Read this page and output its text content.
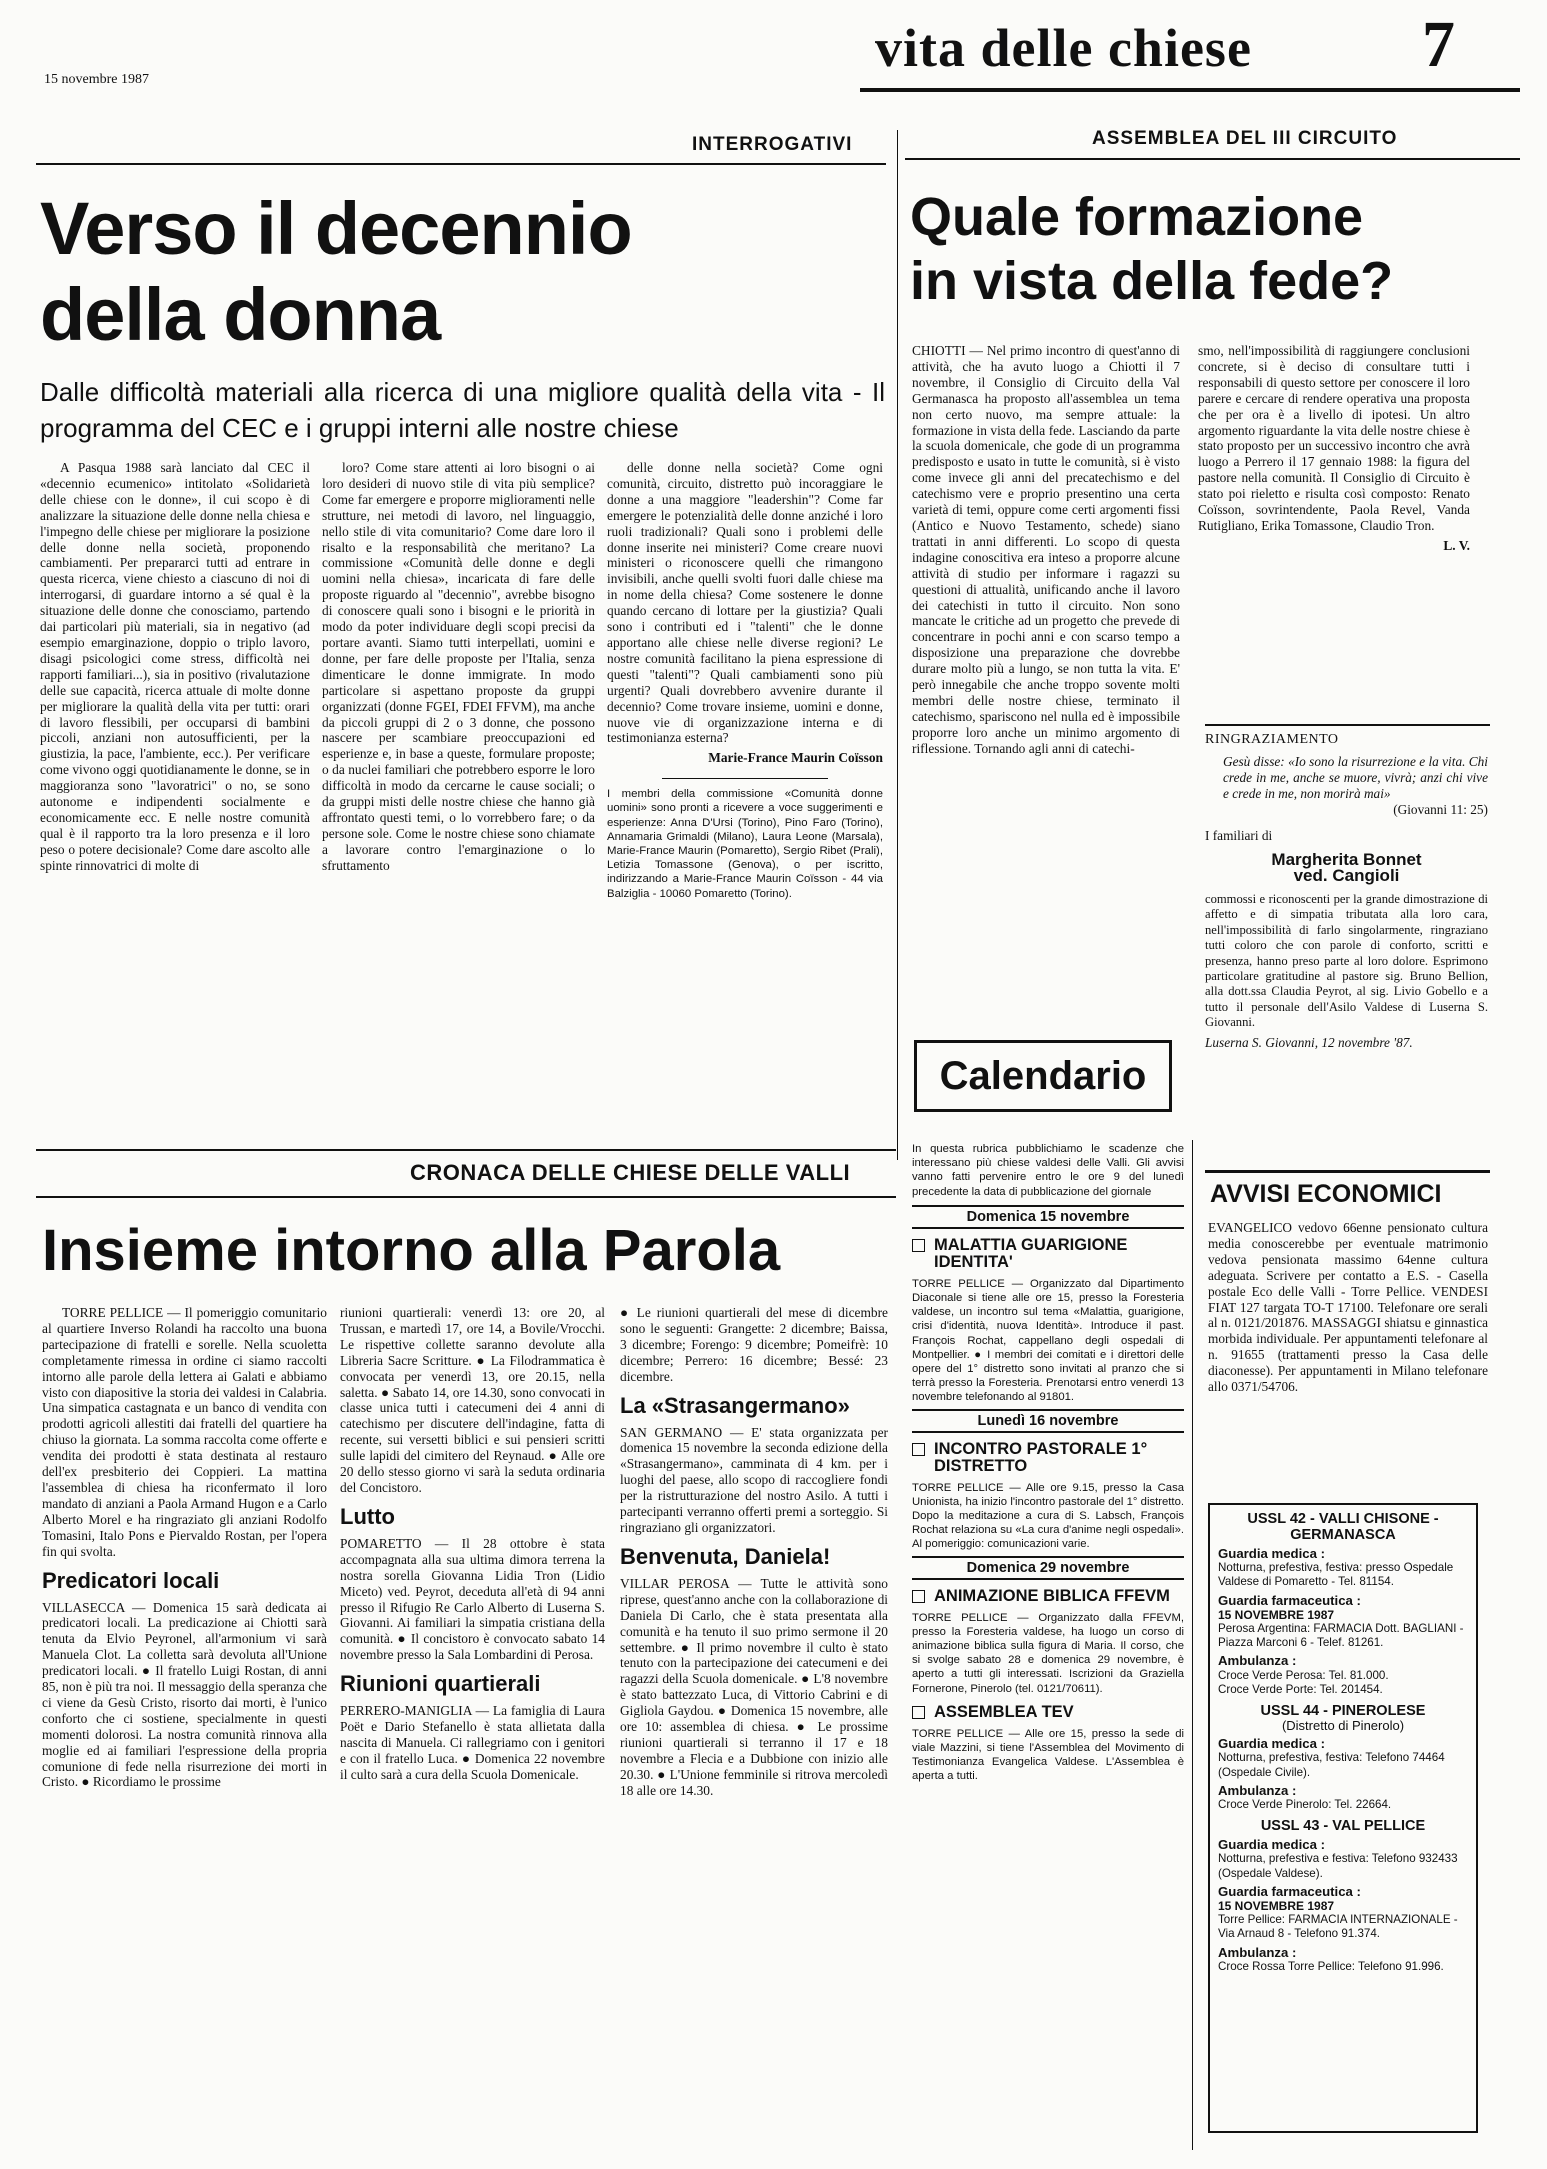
15 novembre 1987
vita delle chiese	7
INTERROGATIVI
Verso il decennio
della donna
Dalle difficoltà materiali alla ricerca di una migliore qualità della vita - Il programma del CEC e i gruppi interni alle nostre chiese

A Pasqua 1988 sarà lanciato dal CEC il «decennio ecumenico» intitolato «Solidarietà delle chiese con le donne», il cui scopo è di analizzare la situazione delle donne nella chiesa e l'impegno delle chiese per migliorare la posizione delle donne nella società, proponendo cambiamenti. Per prepararci tutti ad entrare in questa ricerca, viene chiesto a ciascuno di noi di interrogarsi, di guardare intorno a sé qual è la situazione delle donne che conosciamo, partendo dai particolari più materiali, sia in negativo (ad esempio emarginazione, doppio o triplo lavoro, disagi psicologici come stress, difficoltà nei rapporti familiari...), sia in positivo (rivalutazione delle sue capacità, ricerca attuale di molte donne per migliorare la qualità della vita per tutti: orari di lavoro flessibili, per occuparsi di bambini piccoli, anziani non autosufficienti, per la giustizia, la pace, l'ambiente, ecc.). Per verificare come vivono oggi quotidianamente le donne, se in maggioranza sono "lavoratrici" o no, se sono autonome e indipendenti socialmente e economicamente ecc. E nelle nostre comunità qual è il rapporto tra la loro presenza e il loro peso o potere decisionale? Come dare ascolto alle spinte rinnovatrici di molte di

loro? Come stare attenti ai loro bisogni o ai loro desideri di nuovo stile di vita più semplice? Come far emergere e proporre miglioramenti nelle strutture, nei metodi di lavoro, nel linguaggio, nello stile di vita comunitario? Come dare loro il risalto e la responsabilità che meritano? La commissione «Comunità delle donne e degli uomini nella chiesa», incaricata di fare delle proposte riguardo al "decennio", avrebbe bisogno di conoscere quali sono i bisogni e le priorità in modo da poter individuare degli scopi precisi da portare avanti. Siamo tutti interpellati, uomini e donne, per fare delle proposte per l'Italia, senza dimenticare le donne immigrate. In modo particolare si aspettano proposte da gruppi organizzati (donne FGEI, FDEI FFVM), ma anche da piccoli gruppi di 2 o 3 donne, che possono nascere per scambiare preoccupazioni ed esperienze e, in base a queste, formulare proposte; o da nuclei familiari che potrebbero esporre le loro difficoltà in modo da cercarne le cause sociali; o da gruppi misti delle nostre chiese che hanno già affrontato questi temi, o lo vorrebbero fare; o da persone sole. Come le nostre chiese sono chiamate a lavorare contro l'emarginazione o lo sfruttamento

delle donne nella società? Come ogni comunità, circuito, distretto può incoraggiare le donne a una maggiore "leadershin"? Come far emergere le potenzialità delle donne anziché i loro ruoli tradizionali? Quali sono i problemi delle donne inserite nei ministeri? Come creare nuovi ministeri o riconoscere quelli che rimangono invisibili, anche quelli svolti fuori dalle chiese ma in nome della chiesa? Come sostenere le donne quando cercano di lottare per la giustizia? Quali sono i contributi ed i "talenti" che le donne apportano alle chiese nelle diverse regioni? Le nostre comunità facilitano la piena espressione di questi "talenti"? Quali cambiamenti sono più urgenti? Quali dovrebbero avvenire durante il decennio? Come trovare insieme, uomini e donne, nuove vie di organizzazione interna e di testimonianza esterna?

Marie-France Maurin Coïsson
I membri della commissione «Comunità donne uomini» sono pronti a ricevere a voce suggerimenti e esperienze: Anna D'Ursi (Torino), Pino Faro (Torino), Annamaria Grimaldi (Milano), Laura Leone (Marsala), Marie-France Maurin (Pomaretto), Sergio Ribet (Prali), Letizia Tomassone (Genova), o per iscritto, indirizzando a Marie-France Maurin Coïsson - 44 via Balziglia - 10060 Pomaretto (Torino).
ASSEMBLEA DEL III CIRCUITO
Quale formazione
in vista della fede?

CHIOTTI — Nel primo incontro di quest'anno di attività, che ha avuto luogo a Chiotti il 7 novembre, il Consiglio di Circuito della Val Germanasca ha proposto all'assemblea un tema non certo nuovo, ma sempre attuale: la formazione in vista della fede. Lasciando da parte la scuola domenicale, che gode di un programma predisposto e usato in tutte le comunità, si è visto come invece gli anni del precatechismo e del catechismo vere e proprio presentino una certa varietà di temi, oppure come certi argomenti fissi (Antico e Nuovo Testamento, schede) siano trattati in anni differenti. Lo scopo di questa indagine conoscitiva era inteso a proporre alcune attività di studio per informare i ragazzi su questioni di attualità, unificando anche il lavoro dei catechisti in tutto il circuito. Non sono mancate le critiche ad un progetto che prevede di concentrare in pochi anni e con scarso tempo a disposizione una preparazione che dovrebbe durare molto più a lungo, se non tutta la vita. E' però innegabile che anche troppo sovente molti membri delle nostre chiese, terminato il catechismo, spariscono nel nulla ed è impossibile proporre loro anche un minimo argomento di riflessione. Tornando agli anni di catechi-

smo, nell'impossibilità di raggiungere conclusioni concrete, si è deciso di consultare tutti i responsabili di questo settore per conoscere il loro parere e cercare di rendere operativa una proposta che per ora è a livello di ipotesi. Un altro argomento riguardante la vita delle nostre chiese è stato proposto per un successivo incontro che avrà luogo a Perrero il 17 gennaio 1988: la figura del pastore nella comunità. Il Consiglio di Circuito è stato poi rieletto e risulta così composto: Renato Coïsson, sovrintendente, Paola Revel, Vanda Rutigliano, Erika Tomassone, Claudio Tron.

L. V.
RINGRAZIAMENTO
Gesù disse: «Io sono la risurrezione e la vita. Chi crede in me, anche se muore, vivrà; anzi chi vive e crede in me, non morirà mai»
(Giovanni 11: 25)
I familiari di
Margherita Bonnet
ved. Cangioli
commossi e riconoscenti per la grande dimostrazione di affetto e di simpatia tributata alla loro cara, nell'impossibilità di farlo singolarmente, ringraziano tutti coloro che con parole di conforto, scritti e presenza, hanno preso parte al loro dolore. Esprimono particolare gratitudine al pastore sig. Bruno Bellion, alla dott.ssa Claudia Peyrot, al sig. Livio Gobello e a tutto il personale dell'Asilo Valdese di Luserna S. Giovanni.
Luserna S. Giovanni, 12 novembre '87.
CRONACA DELLE CHIESE DELLE VALLI
Insieme intorno alla Parola

TORRE PELLICE — Il pomeriggio comunitario al quartiere Inverso Rolandi ha raccolto una buona partecipazione di fratelli e sorelle. Nella scuoletta completamente rimessa in ordine ci siamo raccolti intorno alle parole della lettera ai Galati e abbiamo visto con diapositive la storia dei valdesi in Calabria. Una simpatica castagnata e un banco di vendita con prodotti agricoli allestiti dai fratelli del quartiere ha chiuso la giornata. La somma raccolta come offerte e vendita dei prodotti è stata destinata al restauro dell'ex presbiterio dei Coppieri. La mattina l'assemblea di chiesa ha riconfermato il loro mandato di anziani a Paola Armand Hugon e a Carlo Alberto Morel e ha ringraziato gli anziani Rodolfo Tomasini, Italo Pons e Piervaldo Rostan, per l'opera fin qui svolta.

Predicatori locali

VILLASECCA — Domenica 15 sarà dedicata ai predicatori locali. La predicazione ai Chiotti sarà tenuta da Elvio Peyronel, all'armonium vi sarà Manuela Clot. La colletta sarà devoluta all'Unione predicatori locali. ● Il fratello Luigi Rostan, di anni 85, non è più tra noi. Il messaggio della speranza che ci viene da Gesù Cristo, risorto dai morti, è l'unico conforto che ci sostiene, specialmente in questi momenti dolorosi. La nostra comunità rinnova alla moglie ed ai familiari l'espressione della propria comunione di fede nella risurrezione dei morti in Cristo. ● Ricordiamo le prossime

riunioni quartierali: venerdì 13: ore 20, al Trussan, e martedì 17, ore 14, a Bovile/Vrocchi. Le rispettive collette saranno devolute alla Libreria Sacre Scritture. ● La Filodrammatica è convocata per venerdì 13, ore 20.15, nella saletta. ● Sabato 14, ore 14.30, sono convocati in classe unica tutti i catecumeni dei 4 anni di catechismo per discutere dell'indagine, fatta di recente, sui versetti biblici e sui pensieri scritti sulle lapidi del cimitero del Reynaud. ● Alle ore 20 dello stesso giorno vi sarà la seduta ordinaria del Concistoro.

Lutto

POMARETTO — Il 28 ottobre è stata accompagnata alla sua ultima dimora terrena la nostra sorella Giovanna Lidia Tron (Lidio Miceto) ved. Peyrot, deceduta all'età di 94 anni presso il Rifugio Re Carlo Alberto di Luserna S. Giovanni. Ai familiari la simpatia cristiana della comunità. ● Il concistoro è convocato sabato 14 novembre presso la Sala Lombardini di Perosa.

Riunioni quartierali

PERRERO-MANIGLIA — La famiglia di Laura Poët e Dario Stefanello è stata allietata dalla nascita di Manuela. Ci rallegriamo con i genitori e con il fratello Luca. ● Domenica 22 novembre il culto sarà a cura della Scuola Domenicale.

● Le riunioni quartierali del mese di dicembre sono le seguenti: Grangette: 2 dicembre; Baissa, 3 dicembre; Forengo: 9 dicembre; Pomeifrè: 10 dicembre; Perrero: 16 dicembre; Bessé: 23 dicembre.

La «Strasangermano»

SAN GERMANO — E' stata organizzata per domenica 15 novembre la seconda edizione della «Strasangermano», camminata di 4 km. per i luoghi del paese, allo scopo di raccogliere fondi per la ristrutturazione del nostro Asilo. A tutti i partecipanti verranno offerti premi a sorteggio. Si ringraziano gli organizzatori.

Benvenuta, Daniela!

VILLAR PEROSA — Tutte le attività sono riprese, quest'anno anche con la collaborazione di Daniela Di Carlo, che è stata presentata alla comunità e ha tenuto il suo primo sermone il 20 settembre. ● Il primo novembre il culto è stato tenuto con la partecipazione dei catecumeni e dei ragazzi della Scuola domenicale. ● L'8 novembre è stato battezzato Luca, di Vittorio Cabrini e di Gigliola Gaydou. ● Domenica 15 novembre, alle ore 10: assemblea di chiesa. ● Le prossime riunioni quartierali si terranno il 17 e 18 novembre a Flecia e a Dubbione con inizio alle 20.30. ● L'Unione femminile si ritrova mercoledì 18 alle ore 14.30.

Calendario
In questa rubrica pubblichiamo le scadenze che interessano più chiese valdesi delle Valli. Gli avvisi vanno fatti pervenire entro le ore 9 del lunedì precedente la data di pubblicazione del giornale
Domenica 15 novembre
MALATTIA GUARIGIONE IDENTITA'
TORRE PELLICE — Organizzato dal Dipartimento Diaconale si tiene alle ore 15, presso la Foresteria valdese, un incontro sul tema «Malattia, guarigione, crisi d'identità, nuova Identità». Introduce il past. François Rochat, cappellano degli ospedali di Montpellier. ● I membri dei comitati e i direttori delle opere del 1° distretto sono invitati al pranzo che si terrà presso la Foresteria. Prenotarsi entro venerdì 13 novembre telefonando al 91801.
Lunedì 16 novembre
INCONTRO PASTORALE 1° DISTRETTO
TORRE PELLICE — Alle ore 9.15, presso la Casa Unionista, ha inizio l'incontro pastorale del 1° distretto. Dopo la meditazione a cura di S. Labsch, François Rochat relaziona su «La cura d'anime negli ospedali». Al pomeriggio: comunicazioni varie.
Domenica 29 novembre
ANIMAZIONE BIBLICA FFEVM
TORRE PELLICE — Organizzato dalla FFEVM, presso la Foresteria valdese, ha luogo un corso di animazione biblica sulla figura di Maria. Il corso, che si svolge sabato 28 e domenica 29 novembre, è aperto a tutti gli interessati. Iscrizioni da Graziella Fornerone, Pinerolo (tel. 0121/70611).
ASSEMBLEA TEV
TORRE PELLICE — Alle ore 15, presso la sede di viale Mazzini, si tiene l'Assemblea del Movimento di Testimonianza Evangelica Valdese. L'Assemblea è aperta a tutti.
AVVISI ECONOMICI
EVANGELICO vedovo 66enne pensionato cultura media conoscerebbe per eventuale matrimonio vedova pensionata massimo 64enne cultura adeguata. Scrivere per contatto a E.S. - Casella postale Eco delle Valli - Torre Pellice. VENDESI FIAT 127 targata TO-T 17100. Telefonare ore serali al n. 0121/201876. MASSAGGI shiatsu e ginnastica morbida individuale. Per appuntamenti telefonare al n. 91655 (trattamenti presso la Casa delle diaconesse). Per appuntamenti in Milano telefonare allo 0371/54706.
USSL 42 - VALLI CHISONE - GERMANASCA
Guardia medica :
Notturna, prefestiva, festiva: presso Ospedale Valdese di Pomaretto - Tel. 81154.
Guardia farmaceutica :
15 NOVEMBRE 1987
Perosa Argentina: FARMACIA Dott. BAGLIANI - Piazza Marconi 6 - Telef. 81261.
Ambulanza :
Croce Verde Perosa: Tel. 81.000.
Croce Verde Porte: Tel. 201454.
USSL 44 - PINEROLESE
(Distretto di Pinerolo)
Guardia medica :
Notturna, prefestiva, festiva: Telefono 74464 (Ospedale Civile).
Ambulanza :
Croce Verde Pinerolo: Tel. 22664.
USSL 43 - VAL PELLICE
Guardia medica :
Notturna, prefestiva e festiva: Telefono 932433 (Ospedale Valdese).
Guardia farmaceutica :
15 NOVEMBRE 1987
Torre Pellice: FARMACIA INTERNAZIONALE - Via Arnaud 8 - Telefono 91.374.
Ambulanza :
Croce Rossa Torre Pellice: Telefono 91.996.
